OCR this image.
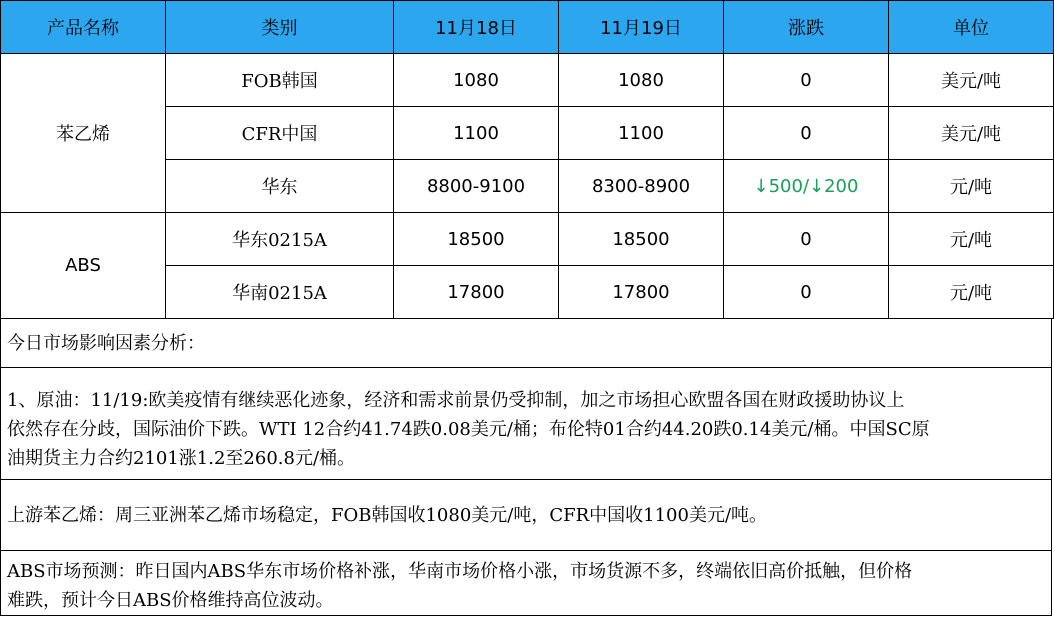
产品名称	类别	11月18日	11月19日	涨跌	单位
苯乙烯	FOB韩国	1080	1080	0	美元/吨
	CFR中国	1100	1100	0	美元/吨
	华东	8800-9100	8300-8900	↓500/↓200	元/吨
ABS	华东0215A	18500	18500	0	元/吨
	华南0215A	17800	17800	0	元/吨
今日市场影响因素分析：
1、原油：11/19:欧美疫情有继续恶化迹象，经济和需求前景仍受抑制，加之市场担心欧盟各国在财政援助协议上
依然存在分歧，国际油价下跌。WTI 12合约41.74跌0.08美元/桶；布伦特01合约44.20跌0.14美元/桶。中国SC原
油期货主力合约2101涨1.2至260.8元/桶。
上游苯乙烯：周三亚洲苯乙烯市场稳定，FOB韩国收1080美元/吨，CFR中国收1100美元/吨。
ABS市场预测：昨日国内ABS华东市场价格补涨，华南市场价格小涨，市场货源不多，终端依旧高价抵触，但价格
难跌，预计今日ABS价格维持高位波动。
